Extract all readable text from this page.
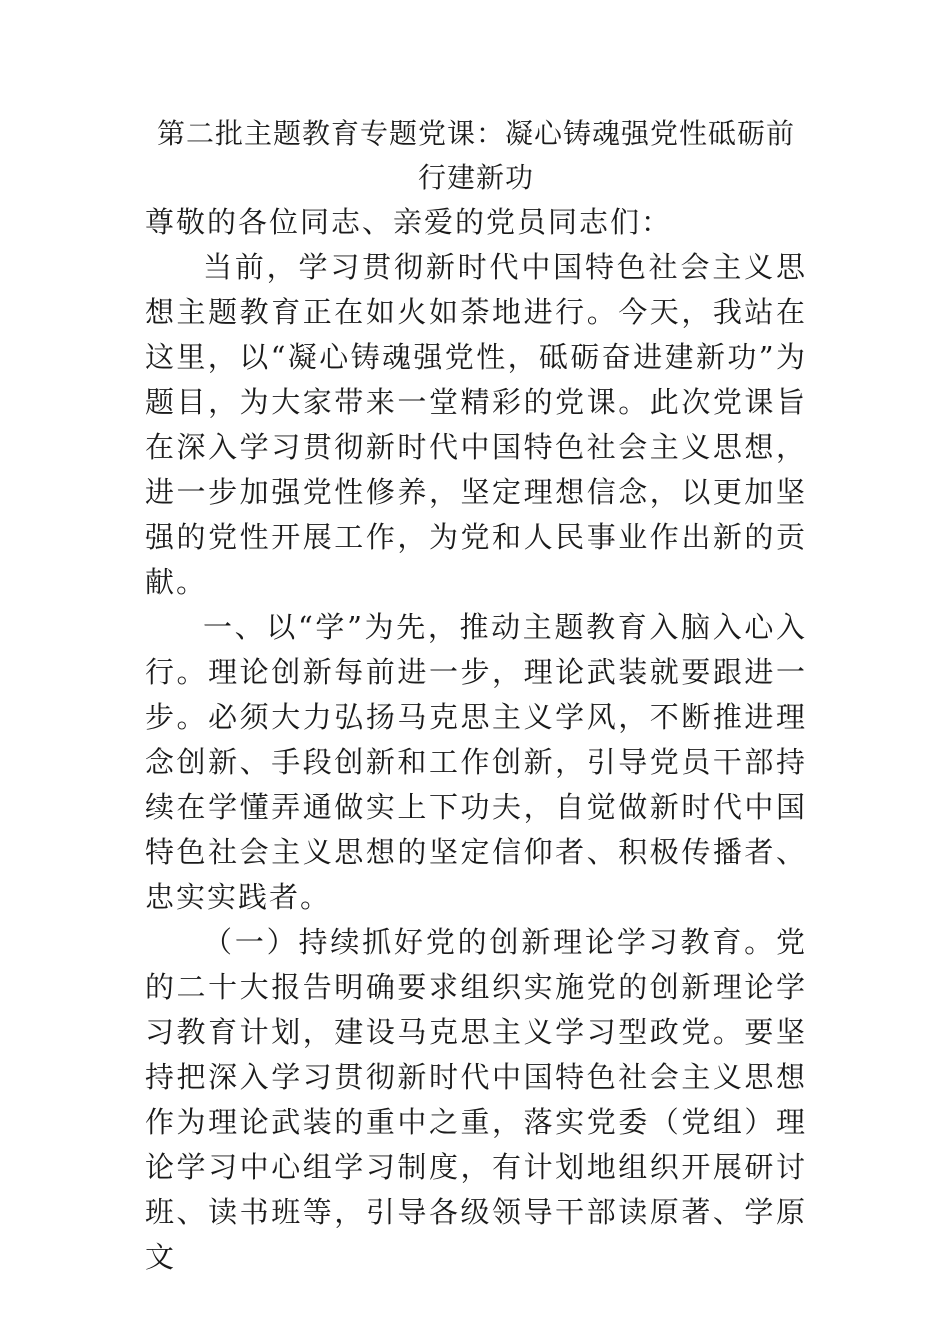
第二批主题教育专题党课：凝心铸魂强党性砥砺前行建新功

尊敬的各位同志、亲爱的党员同志们：

当前，学习贯彻新时代中国特色社会主义思想主题教育正在如火如荼地进行。今天，我站在这里，以“凝心铸魂强党性，砥砺奋进建新功”为题目，为大家带来一堂精彩的党课。此次党课旨在深入学习贯彻新时代中国特色社会主义思想，进一步加强党性修养，坚定理想信念，以更加坚强的党性开展工作，为党和人民事业作出新的贡献。

一、以“学”为先，推动主题教育入脑入心入行。理论创新每前进一步，理论武装就要跟进一步。必须大力弘扬马克思主义学风，不断推进理念创新、手段创新和工作创新，引导党员干部持续在学懂弄通做实上下功夫，自觉做新时代中国特色社会主义思想的坚定信仰者、积极传播者、忠实实践者。

（一）持续抓好党的创新理论学习教育。党的二十大报告明确要求组织实施党的创新理论学习教育计划，建设马克思主义学习型政党。要坚持把深入学习贯彻新时代中国特色社会主义思想作为理论武装的重中之重，落实党委（党组）理论学习中心组学习制度，有计划地组织开展研讨班、读书班等，引导各级领导干部读原著、学原文
